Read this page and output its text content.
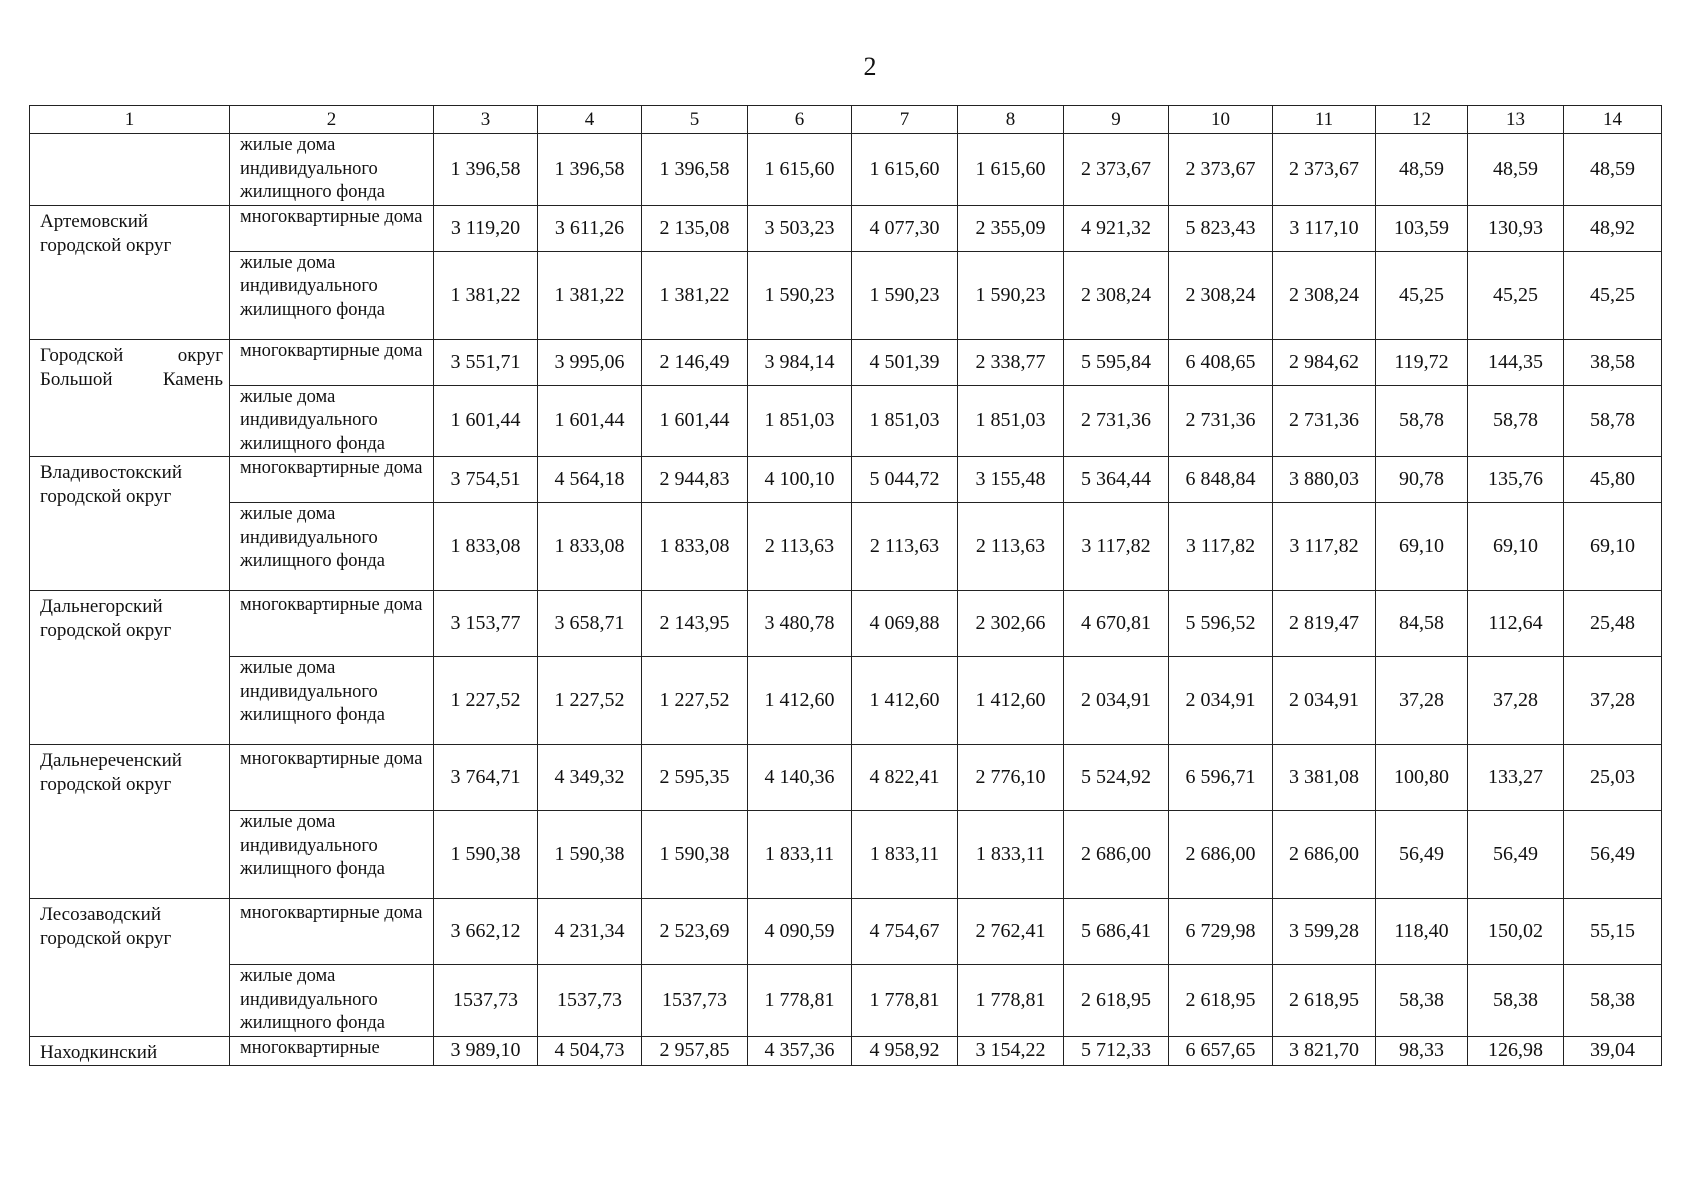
2
1	2	3	4	5	6	7	8	9	10	11	12	13	14

	жилые дома
индивидуального
жилищного фонда	1 396,58	1 396,58	1 396,58	1 615,60	1 615,60	1 615,60	2 373,67	2 373,67	2 373,67	48,59	48,59	48,59
Артемовский городской округ	многоквартирные дома	3 119,20	3 611,26	2 135,08	3 503,23	4 077,30	2 355,09	4 921,32	5 823,43	3 117,10	103,59	130,93	48,92

	жилые дома
индивидуального
жилищного фонда	1 381,22	1 381,22	1 381,22	1 590,23	1 590,23	1 590,23	2 308,24	2 308,24	2 308,24	45,25	45,25	45,25
Городской округ Большой Камень	многоквартирные дома	3 551,71	3 995,06	2 146,49	3 984,14	4 501,39	2 338,77	5 595,84	6 408,65	2 984,62	119,72	144,35	38,58

	жилые дома
индивидуального
жилищного фонда	1 601,44	1 601,44	1 601,44	1 851,03	1 851,03	1 851,03	2 731,36	2 731,36	2 731,36	58,78	58,78	58,78
Владивостокский городской округ	многоквартирные дома	3 754,51	4 564,18	2 944,83	4 100,10	5 044,72	3 155,48	5 364,44	6 848,84	3 880,03	90,78	135,76	45,80

	жилые дома
индивидуального
жилищного фонда	1 833,08	1 833,08	1 833,08	2 113,63	2 113,63	2 113,63	3 117,82	3 117,82	3 117,82	69,10	69,10	69,10
Дальнегорский городской округ	многоквартирные дома	3 153,77	3 658,71	2 143,95	3 480,78	4 069,88	2 302,66	4 670,81	5 596,52	2 819,47	84,58	112,64	25,48

	жилые дома
индивидуального
жилищного фонда	1 227,52	1 227,52	1 227,52	1 412,60	1 412,60	1 412,60	2 034,91	2 034,91	2 034,91	37,28	37,28	37,28
Дальнереченский городской округ	многоквартирные дома	3 764,71	4 349,32	2 595,35	4 140,36	4 822,41	2 776,10	5 524,92	6 596,71	3 381,08	100,80	133,27	25,03

	жилые дома
индивидуального
жилищного фонда	1 590,38	1 590,38	1 590,38	1 833,11	1 833,11	1 833,11	2 686,00	2 686,00	2 686,00	56,49	56,49	56,49
Лесозаводский городской округ	многоквартирные дома	3 662,12	4 231,34	2 523,69	4 090,59	4 754,67	2 762,41	5 686,41	6 729,98	3 599,28	118,40	150,02	55,15

	жилые дома
индивидуального
жилищного фонда	1537,73	1537,73	1537,73	1 778,81	1 778,81	1 778,81	2 618,95	2 618,95	2 618,95	58,38	58,38	58,38
Находкинский	многоквартирные	3 989,10	4 504,73	2 957,85	4 357,36	4 958,92	3 154,22	5 712,33	6 657,65	3 821,70	98,33	126,98	39,04
